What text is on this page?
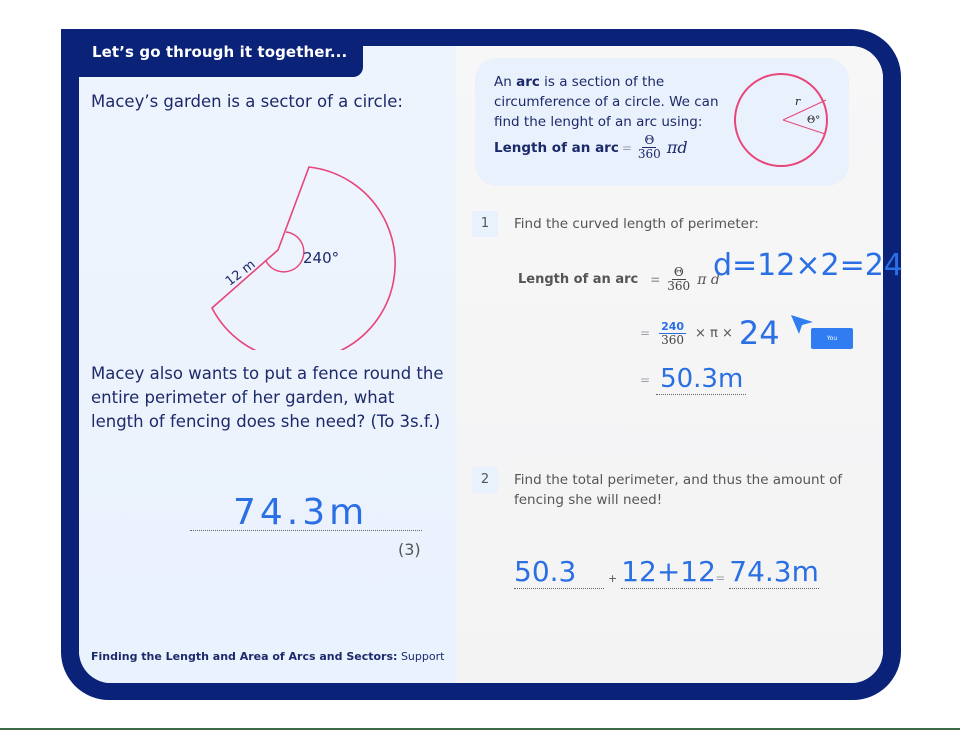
Let’s go through it together...
Macey’s garden is a sector of a circle:
12 m	240°
Macey also wants to put a fence round the entire perimeter of her garden, what length of fencing does she need? (To 3s.f.)
74.3m
(3)
Finding the Length and Area of Arcs and Sectors: Support
An arc is a section of the circumference of a circle. We can find the lenght of an arc using:
Length of an arc = $\frac{\Theta}{360}$ πd
r
Θ°
1	Find the curved length of perimeter:
Length of an arc = $\frac{\Theta}{360}$ π d
d=12×2=24
= $\frac{240}{360} \times \pi \times 24$	You
= 50.3m
2	Find the total perimeter, and thus the amount of fencing she will need!
50.3	+ 12+12 = 74.3m
